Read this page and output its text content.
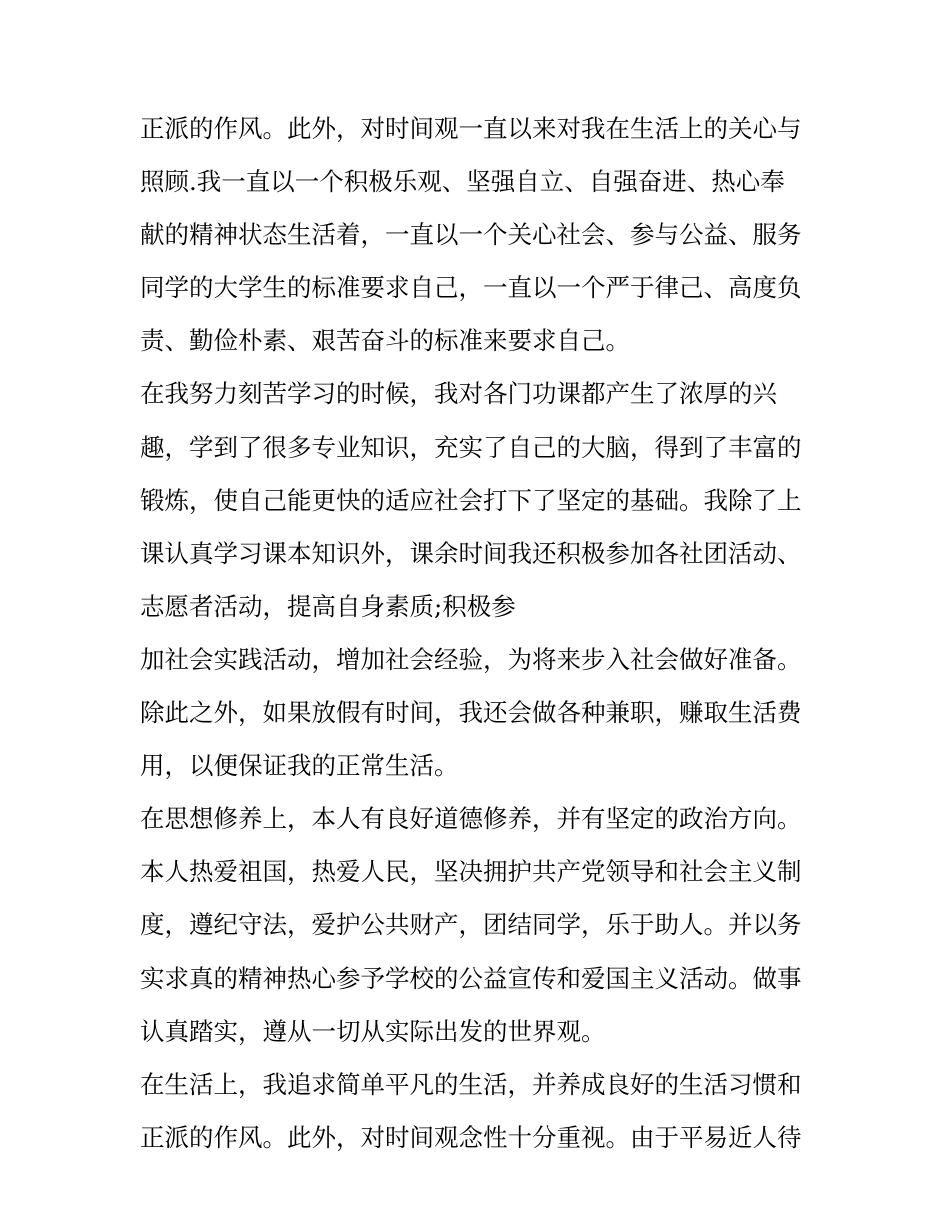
正派的作风。此外，对时间观一直以来对我在生活上的关心与
照顾.我一直以一个积极乐观、坚强自立、自强奋进、热心奉
献的精神状态生活着，一直以一个关心社会、参与公益、服务
同学的大学生的标准要求自己，一直以一个严于律己、高度负
责、勤俭朴素、艰苦奋斗的标准来要求自己。
在我努力刻苦学习的时候，我对各门功课都产生了浓厚的兴
趣，学到了很多专业知识，充实了自己的大脑，得到了丰富的
锻炼，使自己能更快的适应社会打下了坚定的基础。我除了上
课认真学习课本知识外，课余时间我还积极参加各社团活动、
志愿者活动，提高自身素质;积极参
加社会实践活动，增加社会经验，为将来步入社会做好准备。
除此之外，如果放假有时间，我还会做各种兼职，赚取生活费
用，以便保证我的正常生活。
在思想修养上，本人有良好道德修养，并有坚定的政治方向。
本人热爱祖国，热爱人民，坚决拥护共产党领导和社会主义制
度，遵纪守法，爱护公共财产，团结同学，乐于助人。并以务
实求真的精神热心参予学校的公益宣传和爱国主义活动。做事
认真踏实，遵从一切从实际出发的世界观。
在生活上，我追求简单平凡的生活，并养成良好的生活习惯和
正派的作风。此外，对时间观念性十分重视。由于平易近人待
